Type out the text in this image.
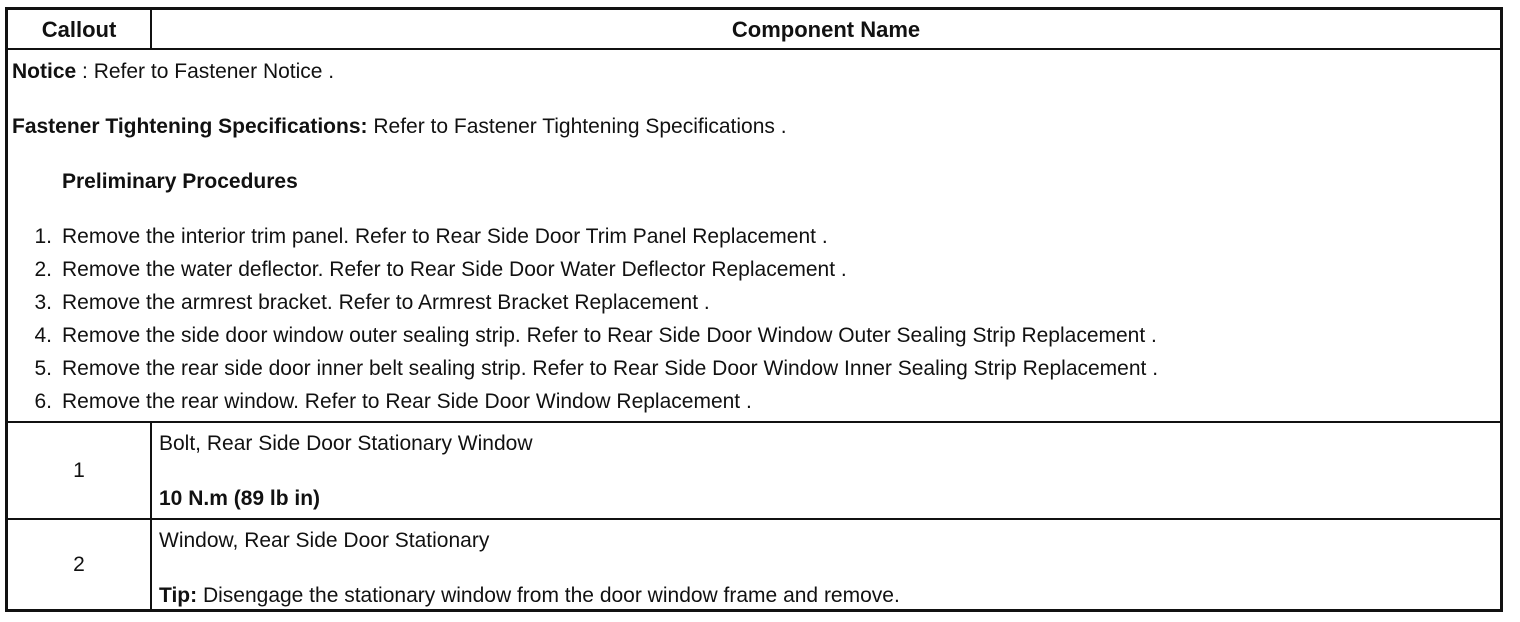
Callout	Component Name
Notice : Refer to Fastener Notice .
Fastener Tightening Specifications: Refer to Fastener Tightening Specifications .
Preliminary Procedures
1. Remove the interior trim panel. Refer to Rear Side Door Trim Panel Replacement .
2. Remove the water deflector. Refer to Rear Side Door Water Deflector Replacement .
3. Remove the armrest bracket. Refer to Armrest Bracket Replacement .
4. Remove the side door window outer sealing strip. Refer to Rear Side Door Window Outer Sealing Strip Replacement .
5. Remove the rear side door inner belt sealing strip. Refer to Rear Side Door Window Inner Sealing Strip Replacement .
6. Remove the rear window. Refer to Rear Side Door Window Replacement .
1
Bolt, Rear Side Door Stationary Window
10 N.m (89 lb in)
2
Window, Rear Side Door Stationary
Tip: Disengage the stationary window from the door window frame and remove.
